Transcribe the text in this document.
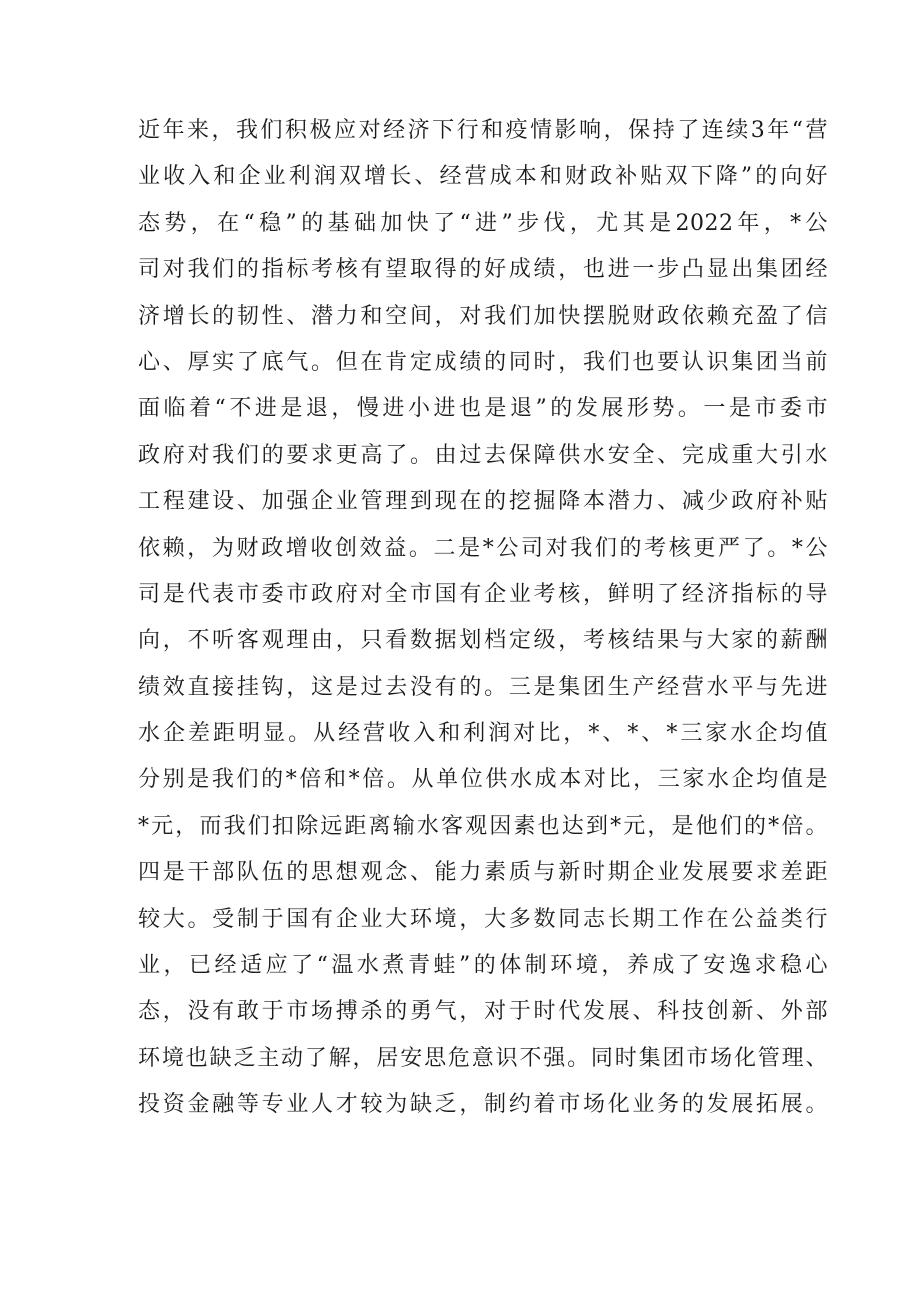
近年来，我们积极应对经济下行和疫情影响，保持了连续3年“营
业收入和企业利润双增长、经营成本和财政补贴双下降”的向好
态势，在“稳”的基础加快了“进”步伐，尤其是2022年，*公
司对我们的指标考核有望取得的好成绩，也进一步凸显出集团经
济增长的韧性、潜力和空间，对我们加快摆脱财政依赖充盈了信
心、厚实了底气。但在肯定成绩的同时，我们也要认识集团当前
面临着“不进是退，慢进小进也是退”的发展形势。一是市委市
政府对我们的要求更高了。由过去保障供水安全、完成重大引水
工程建设、加强企业管理到现在的挖掘降本潜力、减少政府补贴
依赖，为财政增收创效益。二是*公司对我们的考核更严了。*公
司是代表市委市政府对全市国有企业考核，鲜明了经济指标的导
向，不听客观理由，只看数据划档定级，考核结果与大家的薪酬
绩效直接挂钩，这是过去没有的。三是集团生产经营水平与先进
水企差距明显。从经营收入和利润对比，*、*、*三家水企均值
分别是我们的*倍和*倍。从单位供水成本对比，三家水企均值是
*元，而我们扣除远距离输水客观因素也达到*元，是他们的*倍。
四是干部队伍的思想观念、能力素质与新时期企业发展要求差距
较大。受制于国有企业大环境，大多数同志长期工作在公益类行
业，已经适应了“温水煮青蛙”的体制环境，养成了安逸求稳心
态，没有敢于市场搏杀的勇气，对于时代发展、科技创新、外部
环境也缺乏主动了解，居安思危意识不强。同时集团市场化管理、
投资金融等专业人才较为缺乏，制约着市场化业务的发展拓展。
